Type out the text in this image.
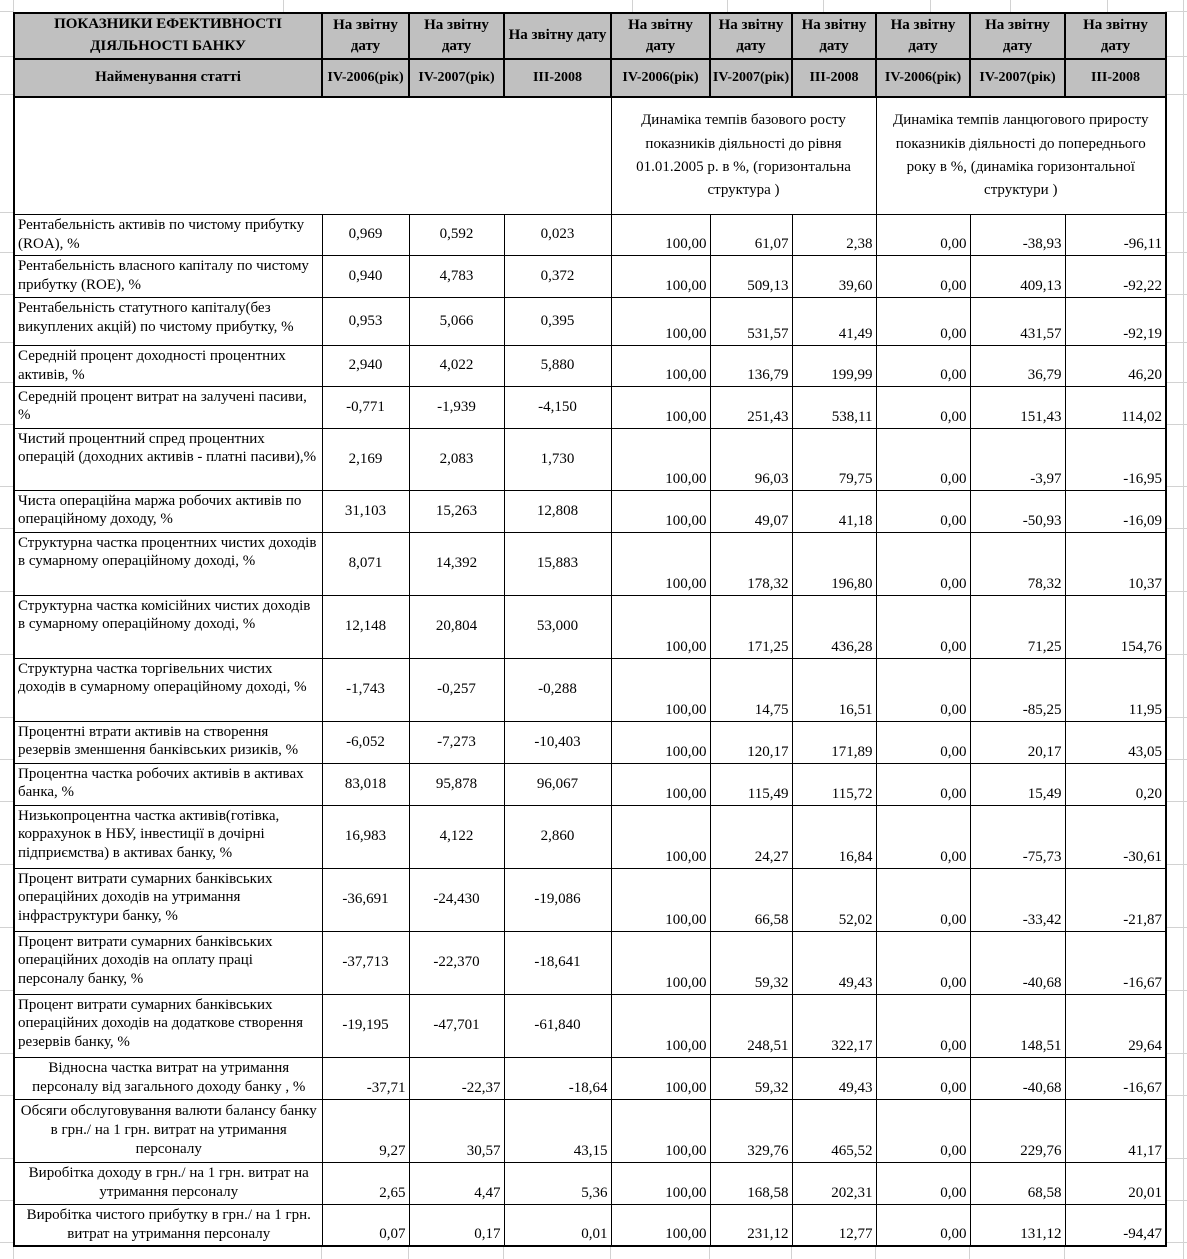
ПОКАЗНИКИ ЕФЕКТИВНОСТІ ДІЯЛЬНОСТІ БАНКУ	На звітну дату	На звітну дату	На звітну дату	На звітну дату	На звітну дату	На звітну дату	На звітну дату	На звітну дату	На звітну дату
Найменування статті	IV-2006(рік)	IV-2007(рік)	III-2008	IV-2006(рік)	IV-2007(рік)	III-2008	IV-2006(рік)	IV-2007(рік)	III-2008
				Динаміка темпів базового росту показників діяльності до рівня 01.01.2005 р. в %, (горизонтальна структура )			Динаміка темпів ланцюгового приросту показників діяльності до попереднього року в %, (динаміка горизонтальної структури )		
Рентабельність активів по чистому прибутку (ROA), %	0,969	0,592	0,023	100,00	61,07	2,38	0,00	-38,93	-96,11
Рентабельність власного капіталу по чистому прибутку (ROE), %	0,940	4,783	0,372	100,00	509,13	39,60	0,00	409,13	-92,22
Рентабельність статутного капіталу(без викуплених акцій) по чистому прибутку, %	0,953	5,066	0,395	100,00	531,57	41,49	0,00	431,57	-92,19
Середній процент доходності процентних активів, %	2,940	4,022	5,880	100,00	136,79	199,99	0,00	36,79	46,20
Середній процент витрат на залучені пасиви, %	-0,771	-1,939	-4,150	100,00	251,43	538,11	0,00	151,43	114,02
Чистий процентний спред процентних операцій (доходних активів - платні пасиви),%	2,169	2,083	1,730	100,00	96,03	79,75	0,00	-3,97	-16,95
Чиста операційна маржа робочих активів по операційному доходу, %	31,103	15,263	12,808	100,00	49,07	41,18	0,00	-50,93	-16,09
Структурна частка процентних чистих доходів в сумарному операційному доході, %	8,071	14,392	15,883	100,00	178,32	196,80	0,00	78,32	10,37
Структурна частка комісійних чистих доходів в сумарному операційному доході, %	12,148	20,804	53,000	100,00	171,25	436,28	0,00	71,25	154,76
Структурна частка торгівельних чистих доходів в сумарному операційному доході, %	-1,743	-0,257	-0,288	100,00	14,75	16,51	0,00	-85,25	11,95
Процентні втрати активів на створення резервів зменшення банківських ризиків, %	-6,052	-7,273	-10,403	100,00	120,17	171,89	0,00	20,17	43,05
Процентна частка робочих активів в активах банка, %	83,018	95,878	96,067	100,00	115,49	115,72	0,00	15,49	0,20
Низькопроцентна частка активів(готівка, коррахунок в НБУ, інвестиції в дочірні підприємства) в активах банку, %	16,983	4,122	2,860	100,00	24,27	16,84	0,00	-75,73	-30,61
Процент витрати сумарних банківських операційних доходів на утримання інфраструктури банку, %	-36,691	-24,430	-19,086	100,00	66,58	52,02	0,00	-33,42	-21,87
Процент витрати сумарних банківських операційних доходів на оплату праці персоналу банку, %	-37,713	-22,370	-18,641	100,00	59,32	49,43	0,00	-40,68	-16,67
Процент витрати сумарних банківських операційних доходів на додаткове створення резервів банку, %	-19,195	-47,701	-61,840	100,00	248,51	322,17	0,00	148,51	29,64
Відносна частка витрат на утримання персоналу від загального доходу банку , %	-37,71	-22,37	-18,64	100,00	59,32	49,43	0,00	-40,68	-16,67
Обсяги обслуговування валюти балансу банку в грн./ на 1 грн. витрат на утримання персоналу	9,27	30,57	43,15	100,00	329,76	465,52	0,00	229,76	41,17
Виробітка доходу в грн./ на 1 грн. витрат на утримання персоналу	2,65	4,47	5,36	100,00	168,58	202,31	0,00	68,58	20,01
Виробітка чистого прибутку в грн./ на 1 грн. витрат на утримання персоналу	0,07	0,17	0,01	100,00	231,12	12,77	0,00	131,12	-94,47
